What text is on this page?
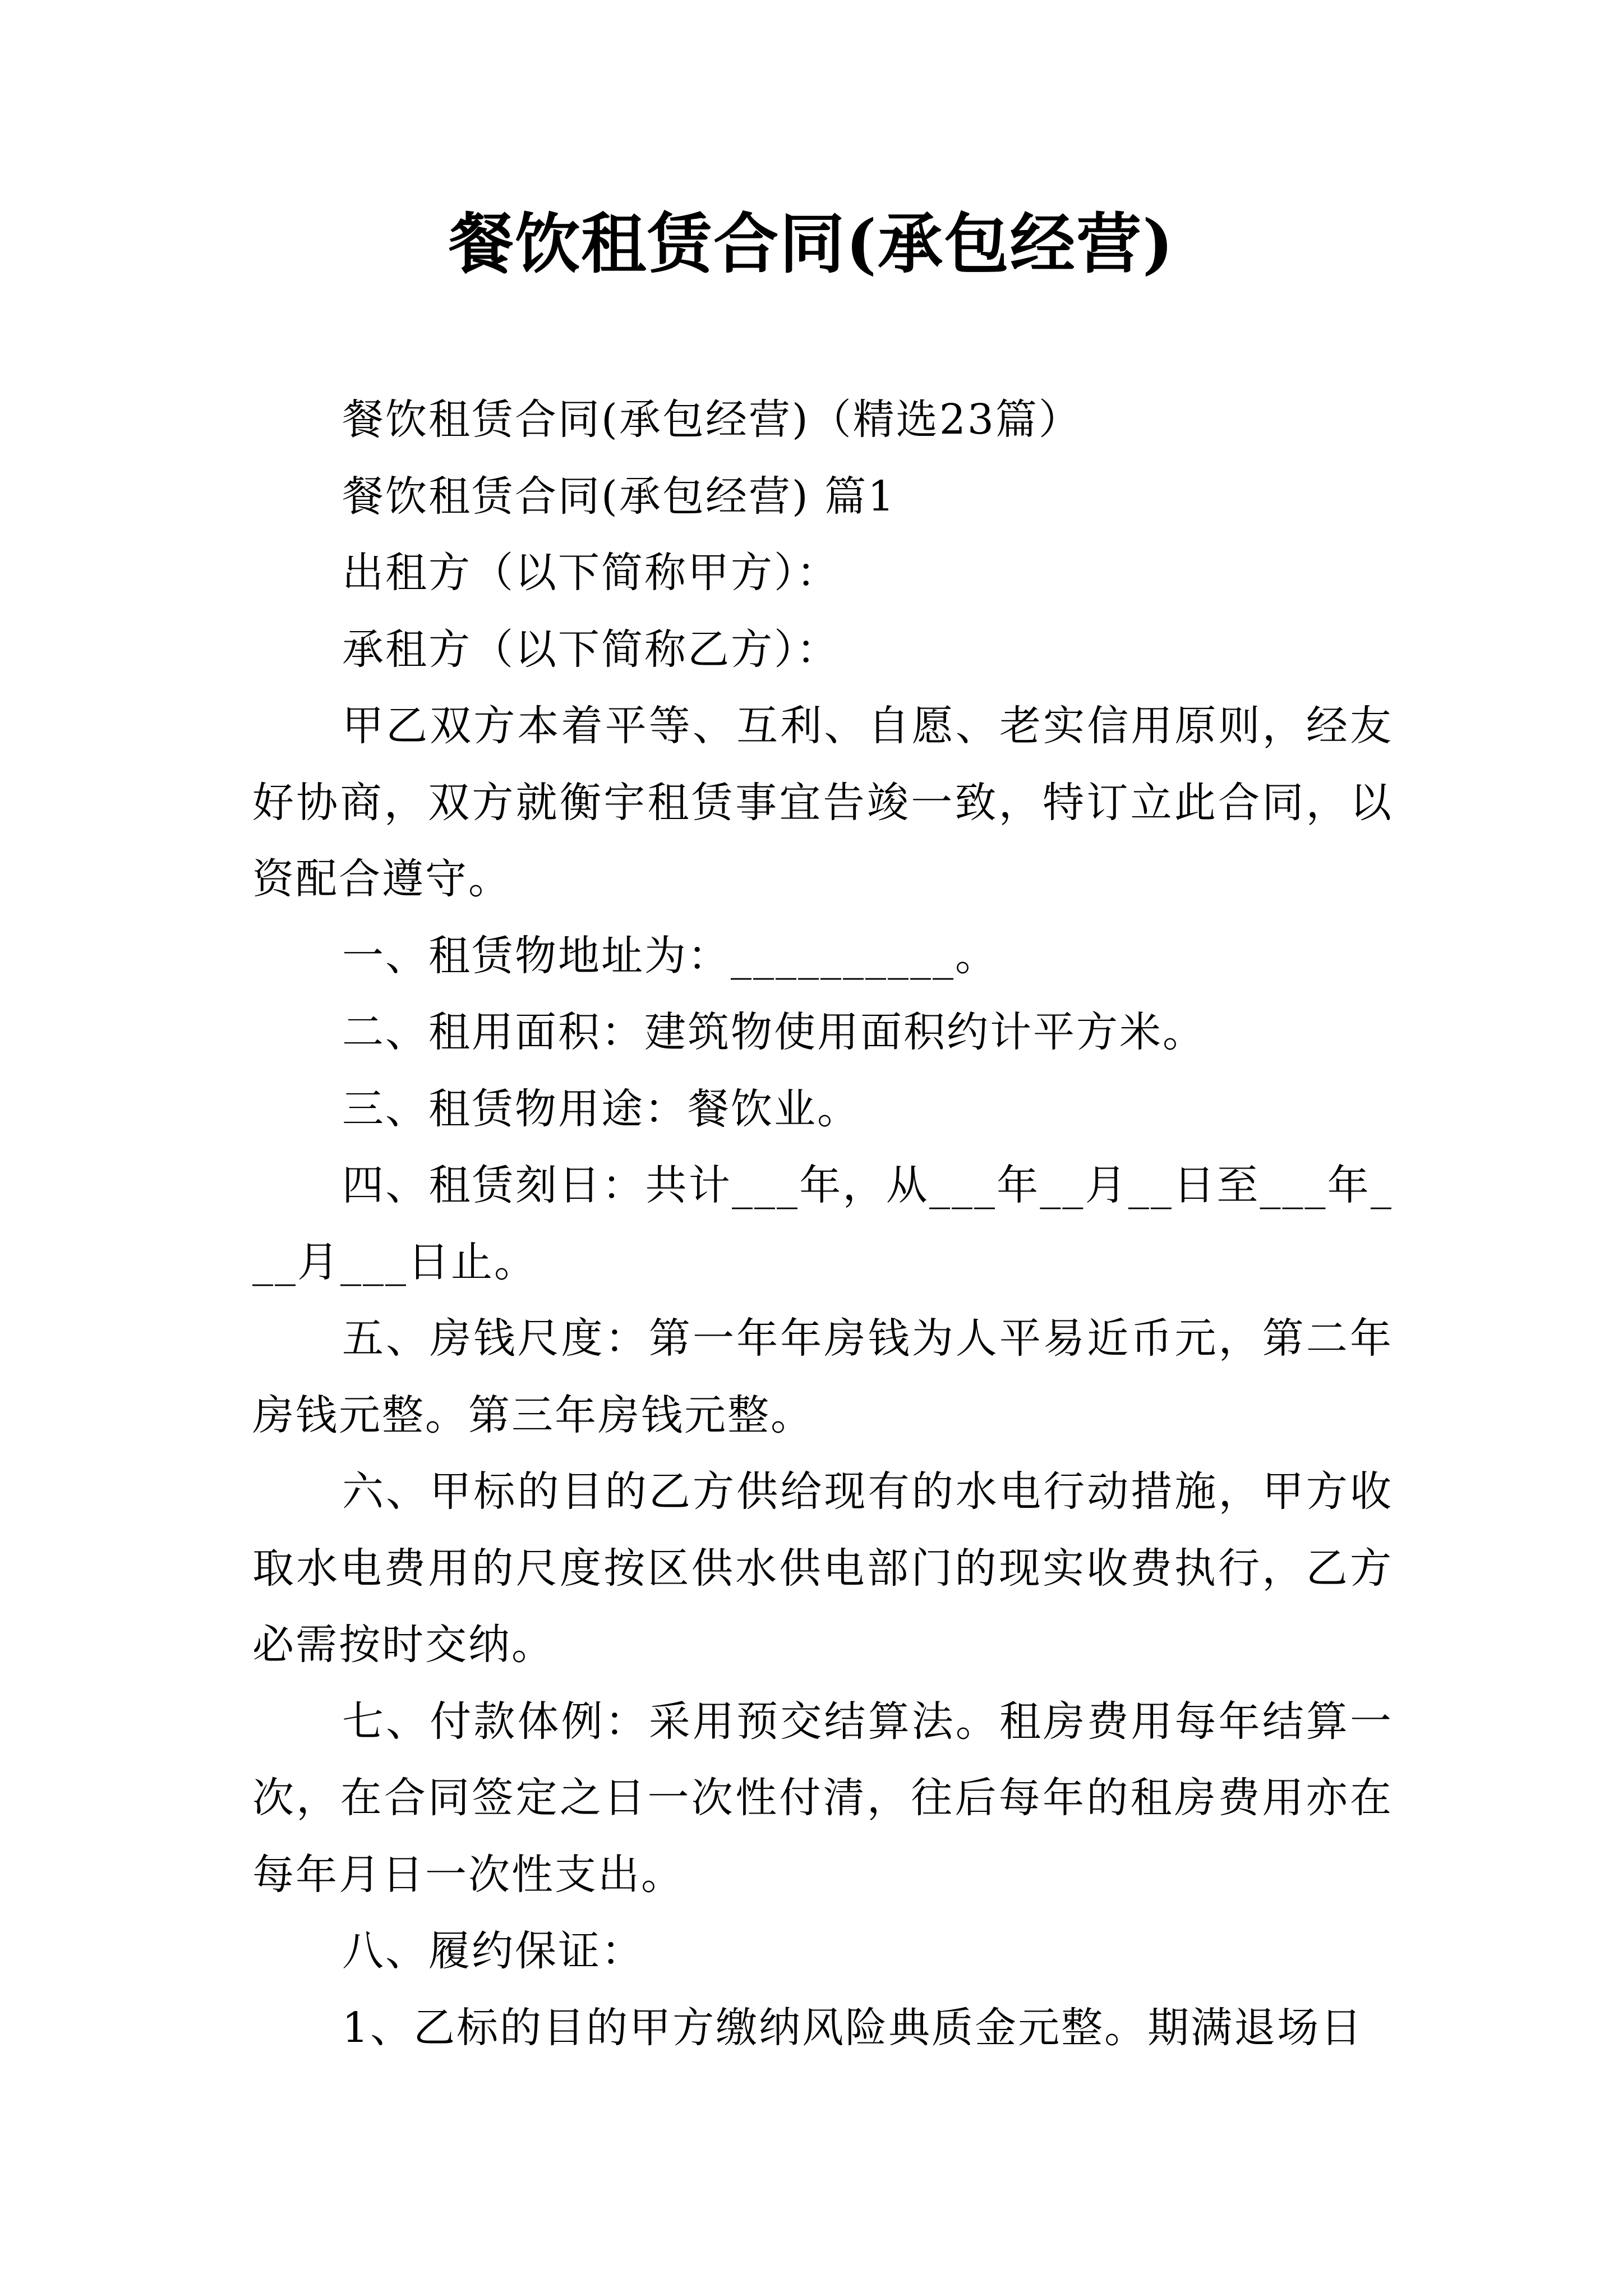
餐饮租赁合同(承包经营)

餐饮租赁合同(承包经营)（精选23篇）

餐饮租赁合同(承包经营) 篇1

出租方（以下简称甲方）：

承租方（以下简称乙方）：

甲乙双方本着平等、互利、自愿、老实信用原则，经友好协商，双方就衡宇租赁事宜告竣一致，特订立此合同，以资配合遵守。

一、租赁物地址为：__________。

二、租用面积：建筑物使用面积约计平方米。

三、租赁物用途：餐饮业。

四、租赁刻日：共计___年，从___年__月__日至___年___月___日止。

五、房钱尺度：第一年年房钱为人平易近币元，第二年房钱元整。第三年房钱元整。

六、甲标的目的乙方供给现有的水电行动措施，甲方收取水电费用的尺度按区供水供电部门的现实收费执行，乙方必需按时交纳。

七、付款体例：采用预交结算法。租房费用每年结算一次，在合同签定之日一次性付清，往后每年的租房费用亦在每年月日一次性支出。

八、履约保证：

1、乙标的目的甲方缴纳风险典质金元整。期满退场日
